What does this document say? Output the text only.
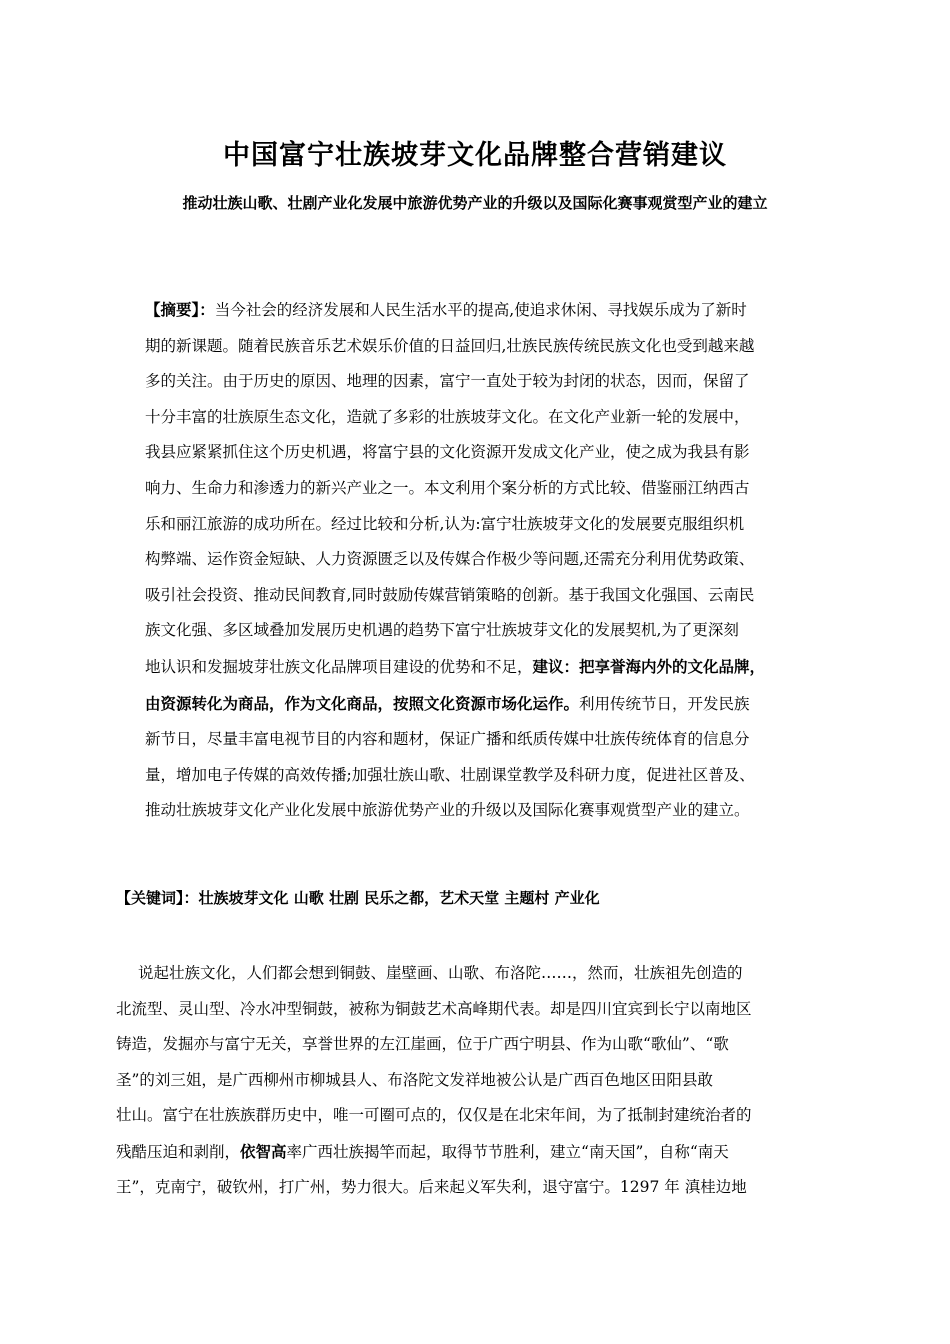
中国富宁壮族坡芽文化品牌整合营销建议
推动壮族山歌、壮剧产业化发展中旅游优势产业的升级以及国际化赛事观赏型产业的建立
【摘要】：当今社会的经济发展和人民生活水平的提高,使追求休闲、寻找娱乐成为了新时
期的新课题。随着民族音乐艺术娱乐价值的日益回归,壮族民族传统民族文化也受到越来越
多的关注。由于历史的原因、地理的因素，富宁一直处于较为封闭的状态，因而，保留了
十分丰富的壮族原生态文化，造就了多彩的壮族坡芽文化。在文化产业新一轮的发展中，
我县应紧紧抓住这个历史机遇，将富宁县的文化资源开发成文化产业，使之成为我县有影
响力、生命力和渗透力的新兴产业之一。本文利用个案分析的方式比较、借鉴丽江纳西古
乐和丽江旅游的成功所在。经过比较和分析,认为:富宁壮族坡芽文化的发展要克服组织机
构弊端、运作资金短缺、人力资源匮乏以及传媒合作极少等问题,还需充分利用优势政策、
吸引社会投资、推动民间教育,同时鼓励传媒营销策略的创新。基于我国文化强国、云南民
族文化强、多区域叠加发展历史机遇的趋势下富宁壮族坡芽文化的发展契机,为了更深刻
地认识和发掘坡芽壮族文化品牌项目建设的优势和不足，建议：把享誉海内外的文化品牌，
由资源转化为商品，作为文化商品，按照文化资源市场化运作。利用传统节日，开发民族
新节日，尽量丰富电视节目的内容和题材，保证广播和纸质传媒中壮族传统体育的信息分
量，增加电子传媒的高效传播;加强壮族山歌、壮剧课堂教学及科研力度，促进社区普及、
推动壮族坡芽文化产业化发展中旅游优势产业的升级以及国际化赛事观赏型产业的建立。
【关键词】：壮族坡芽文化 山歌 壮剧 民乐之都，艺术天堂 主题村 产业化
说起壮族文化，人们都会想到铜鼓、崖壁画、山歌、布洛陀……，然而，壮族祖先创造的
北流型、灵山型、冷水冲型铜鼓，被称为铜鼓艺术高峰期代表。却是四川宜宾到长宁以南地区
铸造，发掘亦与富宁无关，享誉世界的左江崖画，位于广西宁明县、作为山歌“歌仙”、“歌
圣”的刘三姐，是广西柳州市柳城县人、布洛陀文发祥地被公认是广西百色地区田阳县敢
壮山。富宁在壮族族群历史中，唯一可圈可点的，仅仅是在北宋年间，为了抵制封建统治者的
残酷压迫和剥削，依智高率广西壮族揭竿而起，取得节节胜利，建立“南天国”，自称“南天
王”，克南宁，破钦州，打广州，势力很大。后来起义军失利，退守富宁。1297 年 滇桂边地
